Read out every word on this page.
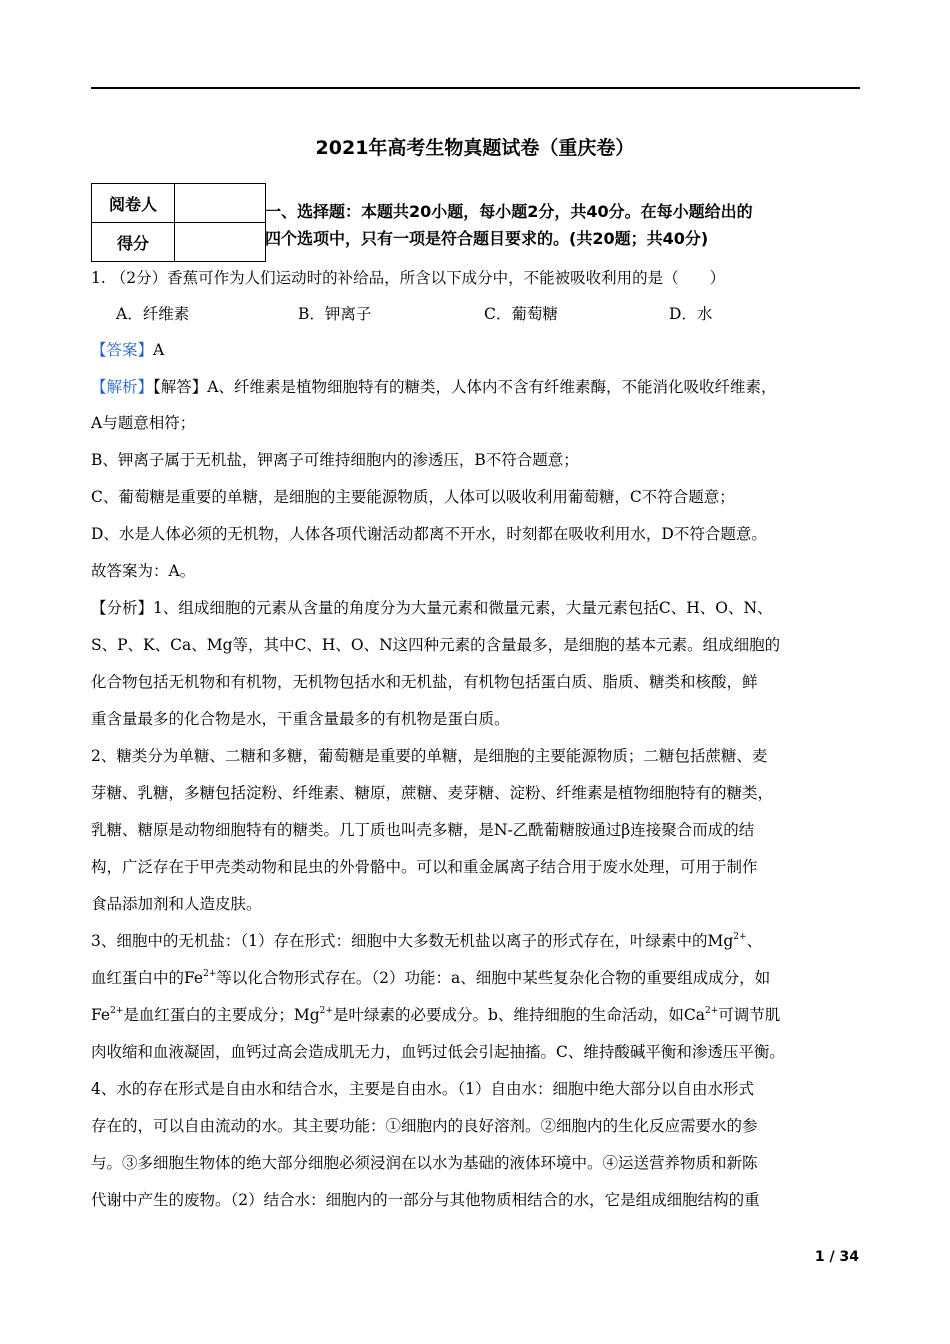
2021年高考生物真题试卷（重庆卷）
阅卷人	
得分	
一、选择题：本题共20小题，每小题2分，共40分。在每小题给出的
四个选项中，只有一项是符合题目要求的。(共20题；共40分)
1. （2分）香蕉可作为人们运动时的补给品，所含以下成分中，不能被吸收利用的是（　　）
A．纤维素	B．钾离子	C．葡萄糖	D．水
【答案】A
【解析】【解答】A、纤维素是植物细胞特有的糖类，人体内不含有纤维素酶，不能消化吸收纤维素，
A与题意相符；
B、钾离子属于无机盐，钾离子可维持细胞内的渗透压，B不符合题意；
C、葡萄糖是重要的单糖，是细胞的主要能源物质，人体可以吸收利用葡萄糖，C不符合题意；
D、水是人体必须的无机物，人体各项代谢活动都离不开水，时刻都在吸收利用水，D不符合题意。
故答案为：A。
【分析】1、组成细胞的元素从含量的角度分为大量元素和微量元素，大量元素包括C、H、O、N、
S、P、K、Ca、Mg等，其中C、H、O、N这四种元素的含量最多，是细胞的基本元素。组成细胞的
化合物包括无机物和有机物，无机物包括水和无机盐，有机物包括蛋白质、脂质、糖类和核酸，鲜
重含量最多的化合物是水，干重含量最多的有机物是蛋白质。
2、糖类分为单糖、二糖和多糖，葡萄糖是重要的单糖，是细胞的主要能源物质；二糖包括蔗糖、麦
芽糖、乳糖，多糖包括淀粉、纤维素、糖原，蔗糖、麦芽糖、淀粉、纤维素是植物细胞特有的糖类，
乳糖、糖原是动物细胞特有的糖类。几丁质也叫壳多糖，是N-乙酰葡糖胺通过β连接聚合而成的结
构，广泛存在于甲壳类动物和昆虫的外骨骼中。可以和重金属离子结合用于废水处理，可用于制作
食品添加剂和人造皮肤。
3、细胞中的无机盐：（1）存在形式：细胞中大多数无机盐以离子的形式存在，叶绿素中的$Mg^{2+}$、
血红蛋白中的$Fe^{2+}$等以化合物形式存在。（2）功能：a、细胞中某些复杂化合物的重要组成成分，如
$Fe^{2+}$是血红蛋白的主要成分；$Mg^{2+}$是叶绿素的必要成分。b、维持细胞的生命活动，如$Ca^{2+}$可调节肌
肉收缩和血液凝固，血钙过高会造成肌无力，血钙过低会引起抽搐。C、维持酸碱平衡和渗透压平衡。
4、水的存在形式是自由水和结合水，主要是自由水。（1）自由水：细胞中绝大部分以自由水形式
存在的，可以自由流动的水。其主要功能：①细胞内的良好溶剂。②细胞内的生化反应需要水的参
与。③多细胞生物体的绝大部分细胞必须浸润在以水为基础的液体环境中。④运送营养物质和新陈
代谢中产生的废物。（2）结合水：细胞内的一部分与其他物质相结合的水，它是组成细胞结构的重
1 / 34
